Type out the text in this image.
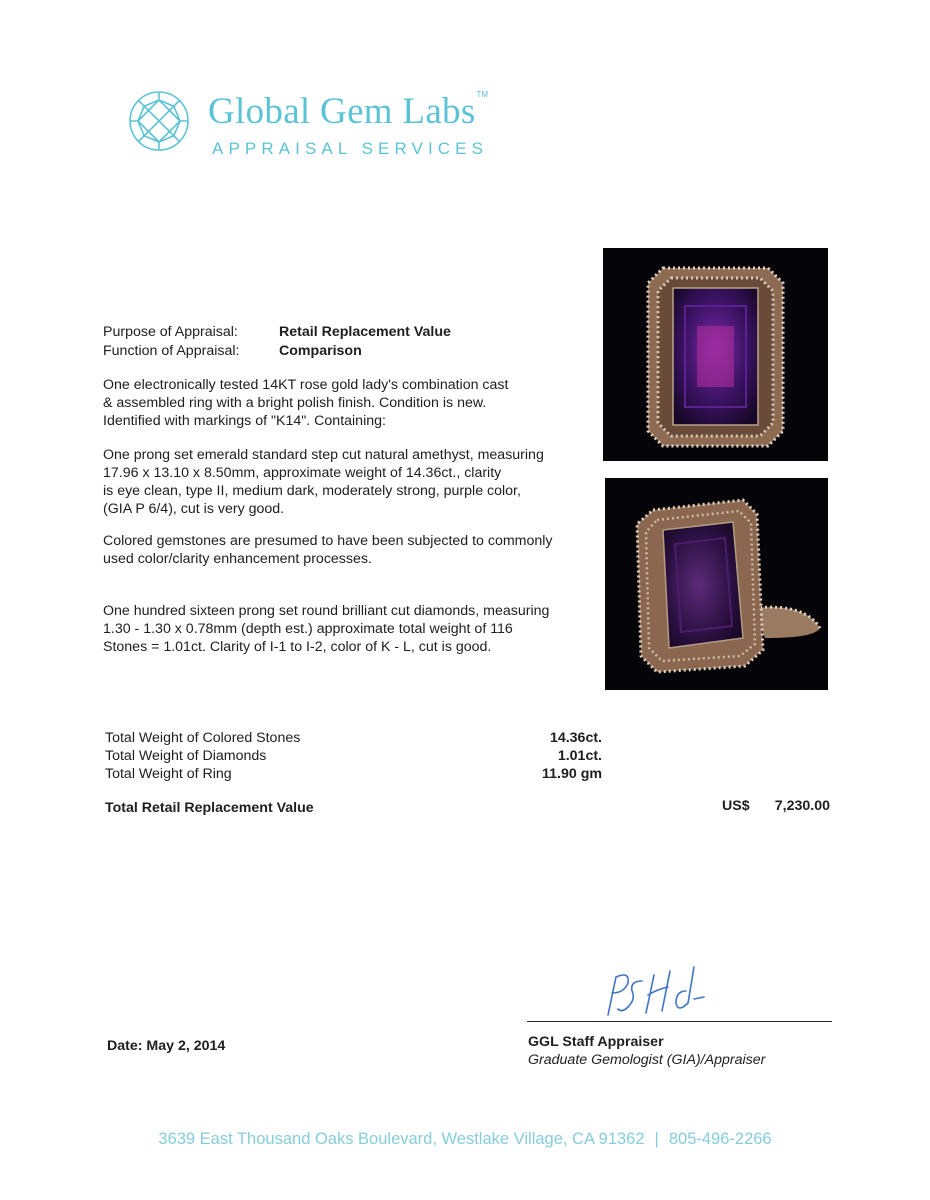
Global Gem Labs™
APPRAISAL SERVICES
Purpose of Appraisal:	Retail Replacement Value
Function of Appraisal:	Comparison
One electronically tested 14KT rose gold lady's combination cast
& assembled ring with a bright polish finish. Condition is new.
Identified with markings of "K14". Containing:
One prong set emerald standard step cut natural amethyst, measuring
17.96 x 13.10 x 8.50mm, approximate weight of 14.36ct., clarity
is eye clean, type II, medium dark, moderately strong, purple color,
(GIA P 6/4), cut is very good.
Colored gemstones are presumed to have been subjected to commonly
used color/clarity enhancement processes.
One hundred sixteen prong set round brilliant cut diamonds, measuring
1.30 - 1.30 x 0.78mm (depth est.) approximate total weight of 116
Stones = 1.01ct. Clarity of I-1 to I-2, color of K - L, cut is good.
Total Weight of Colored Stones	14.36ct.
Total Weight of Diamonds	1.01ct.
Total Weight of Ring	11.90 gm
Total Retail Replacement Value	US$	7,230.00
Date: May 2, 2014	GGL Staff Appraiser
Graduate Gemologist (GIA)/Appraiser
3639 East Thousand Oaks Boulevard, Westlake Village, CA 91362 | 805-496-2266
